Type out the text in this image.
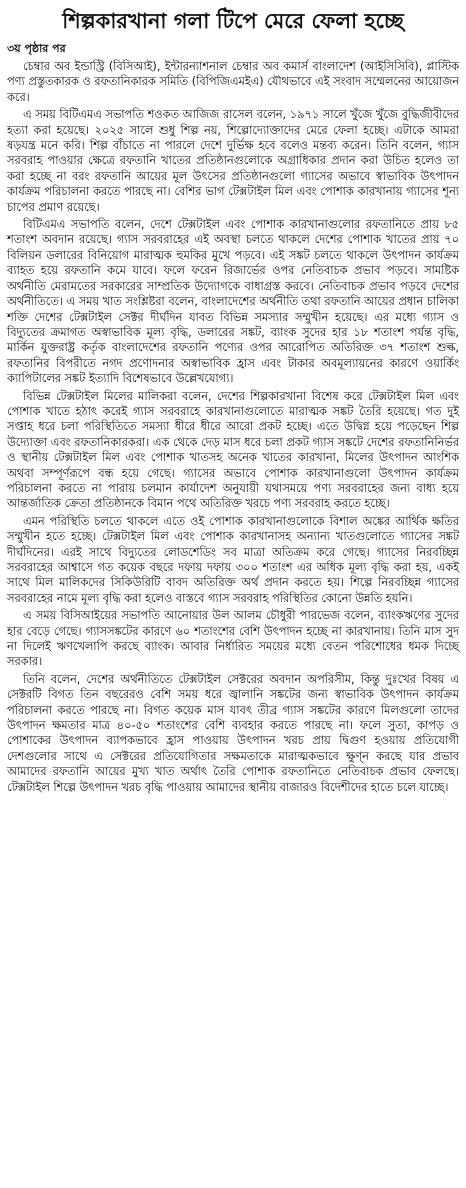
শিল্পকারখানা গলা টিপে মেরে ফেলা হচ্ছে
৩য় পৃষ্ঠার পর

চেম্বার অব ইন্ডাস্ট্রি (বিসিআই), ইন্টারন্যাশনাল চেম্বার অব কমার্স বাংলাদেশ (আইসিসিবি), প্লাস্টিক পণ্য প্রস্তুতকারক ও রফতানিকারক সমিতি (বিপিজিএমইএ) যৌথভাবে এই সংবাদ সম্মেলনের আয়োজন করে।

এ সময় বিটিএমএ সভাপতি শওকত আজিজ রাসেল বলেন, ১৯৭১ সালে খুঁজে খুঁজে বুদ্ধিজীবীদের হত্যা করা হয়েছে। ২০২৫ সালে শুধু শিল্প নয়, শিল্পোদ্যোক্তাদের মেরে ফেলা হচ্ছে। এটাকে আমরা ষড়যন্ত্র মনে করি। শিল্প বাঁচাতে না পারলে দেশে দুর্ভিক্ষ হবে বলেও মন্তব্য করেন। তিনি বলেন, গ্যাস সরবরাহ পাওয়ার ক্ষেত্রে রফতানি খাতের প্রতিষ্ঠানগুলোকে অগ্রাধিকার প্রদান করা উচিত হলেও তা করা হচ্ছে না বরং রফতানি আয়ের মূল উৎসের প্রতিষ্ঠানগুলো গ্যাসের অভাবে স্বাভাবিক উৎপাদন কার্যক্রম পরিচালনা করতে পারছে না। বেশির ভাগ টেক্সটাইল মিল এবং পোশাক কারখানায় গ্যাসের শূন্য চাপের প্রমাণ রয়েছে।

বিটিএমএ সভাপতি বলেন, দেশে টেক্সটাইল এবং পোশাক কারখানাগুলোর রফতানিতে প্রায় ৮৫ শতাংশ অবদান রয়েছে। গ্যাস সরবরাহের এই অবস্থা চলতে থাকলে দেশের পোশাক খাতের প্রায় ৭০ বিলিয়ন ডলারের বিনিয়োগ মারাত্মক হুমকির মুখে পড়বে। এই সঙ্কট চলতে থাকলে উৎপাদন কার্যক্রম ব্যাহত হয়ে রফতানি কমে যাবে। ফলে ফরেন রিজার্ভের ওপর নেতিবাচক প্রভাব পড়বে। সামষ্টিক অর্থনীতি মেরামতের সরকারের সাম্প্রতিক উদ্যোগকে বাধাগ্রস্ত করবে। নেতিবাচক প্রভাব পড়বে দেশের অর্থনীতিতে। এ সময় খাত সংশ্লিষ্টরা বলেন, বাংলাদেশের অর্থনীতি তথা রফতানি আয়ের প্রধান চালিকা শক্তি দেশের টেক্সটাইল সেক্টর দীর্ঘদিন যাবত বিভিন্ন সমস্যার সম্মুখীন হয়েছে। এর মধ্যে গ্যাস ও বিদ্যুতের ক্রমাগত অস্বাভাবিক মূল্য বৃদ্ধি, ডলারের সঙ্কট, ব্যাংক সুদের হার ১৮ শতাংশ পর্যন্ত বৃদ্ধি, মার্কিন যুক্তরাষ্ট্র কর্তৃক বাংলাদেশের রফতানি পণ্যের ওপর আরোপিত অতিরিক্ত ৩৭ শতাংশ শুল্ক, রফতানির বিপরীতে নগদ প্রণোদনার অস্বাভাবিক হ্রাস এবং টাকার অবমূল্যায়নের কারণে ওয়ার্কিং ক্যাপিটালের সঙ্কট ইত্যাদি বিশেষভাবে উল্লেখযোগ্য।

বিভিন্ন টেক্সটাইল মিলের মালিকরা বলেন, দেশের শিল্পকারখানা বিশেষ করে টেক্সটাইল মিল এবং পোশাক খাতে হঠাৎ করেই গ্যাস সরবরাহে কারখানাগুলোতে মারাত্মক সঙ্কট তৈরি হয়েছে। গত দুই সপ্তাহ ধরে চলা পরিস্থিতিতে সমস্যা ধীরে ধীরে আরো প্রকট হচ্ছে। এতে উদ্বিগ্ন হয়ে পড়েছেন শিল্প উদ্যোক্তা এবং রফতানিকারকরা। এক থেকে দেড় মাস ধরে চলা প্রকট গ্যাস সঙ্কটে দেশের রফতানিনির্ভর ও স্থানীয় টেক্সটাইল মিল এবং পোশাক খাতসহ অনেক খাতের কারখানা, মিলের উৎপাদন আংশিক অথবা সম্পূর্ণরূপে বন্ধ হয়ে গেছে। গ্যাসের অভাবে পোশাক কারখানাগুলো উৎপাদন কার্যক্রম পরিচালনা করতে না পারায় চলমান কার্যাদেশ অনুযায়ী যথাসময়ে পণ্য সরবরাহের জন্য বাধ্য হয়ে আন্তর্জাতিক ক্রেতা প্রতিষ্ঠানকে বিমান পথে অতিরিক্ত খরচে পণ্য সরবরাহ করতে হচ্ছে।

এমন পরিস্থিতি চলতে থাকলে এতে ওই পোশাক কারখানাগুলোকে বিশাল অঙ্কের আর্থিক ক্ষতির সম্মুখীন হতে হচ্ছে। টেক্সটাইল মিল এবং পোশাক কারখানাসহ অন্যান্য খাতগুলোতে গ্যাসের সঙ্কট দীর্ঘদিনের। এরই সাথে বিদ্যুতের লোডশেডিং সব মাত্রা অতিক্রম করে গেছে। গ্যাসের নিরবচ্ছিন্ন সরবরাহের আশ্বাসে গত কয়েক বছরে দফায় দফায় ৩০০ শতাংশ এর অধিক মূল্য বৃদ্ধি করা হয়, একই সাথে মিল মালিকদের সিকিউরিটি বাবদ অতিরিক্ত অর্থ প্রদান করতে হয়। শিল্পে নিরবচ্ছিন্ন গ্যাসের সরবরাহের নামে মূল্য বৃদ্ধি করা হলেও বাস্তবে গ্যাস সরবরাহ পরিস্থিতির কোনো উন্নতি হয়নি।

এ সময় বিসিআইয়ের সভাপতি আনোয়ার উল আলম চৌধুরী পারভেজ বলেন, ব্যাংকঋণের সুদের হার বেড়ে গেছে। গ্যাসসঙ্কটের কারণে ৬০ শতাংশের বেশি উৎপাদন হচ্ছে না কারখানায়। তিনি মাস সুদ না দিলেই ঋণখেলাপি করছে ব্যাংক। আবার নির্ধারিত সময়ের মধ্যে বেতন পরিশোধের ধমক দিচ্ছে সরকার।

তিনি বলেন, দেশের অর্থনীতিতে টেক্সটাইল সেক্টরের অবদান অপরিসীম, কিন্তু দুঃখের বিষয় এ সেক্টরটি বিগত তিন বছরেরও বেশি সময় ধরে জ্বালানি সঙ্কটের জন্য স্বাভাবিক উৎপাদন কার্যক্রম পরিচালনা করতে পারছে না। বিগত কয়েক মাস যাবৎ তীব্র গ্যাস সঙ্কটের কারণে মিলগুলো তাদের উৎপাদন ক্ষমতার মাত্র ৪০-৫০ শতাংশের বেশি ব্যবহার করতে পারছে না। ফলে সুতা, কাপড় ও পোশাকের উৎপাদন ব্যাপকভাবে হ্রাস পাওয়ায় উৎপাদন খরচ প্রায় দ্বিগুণ হওয়ায় প্রতিযোগী দেশগুলোর সাথে এ সেক্টরের প্রতিযোগিতার সক্ষমতাকে মারাত্মকভাবে ক্ষুণ্ন করছে যার প্রভাব আমাদের রফতানি আয়ের মুখ্য খাত অর্থাৎ তৈরি পোশাক রফতানিতে নেতিবাচক প্রভাব ফেলছে। টেক্সটাইল শিল্পে উৎপাদন খরচ বৃদ্ধি পাওয়ায় আমাদের স্থানীয় বাজারও বিদেশীদের হাতে চলে যাচ্ছে।
